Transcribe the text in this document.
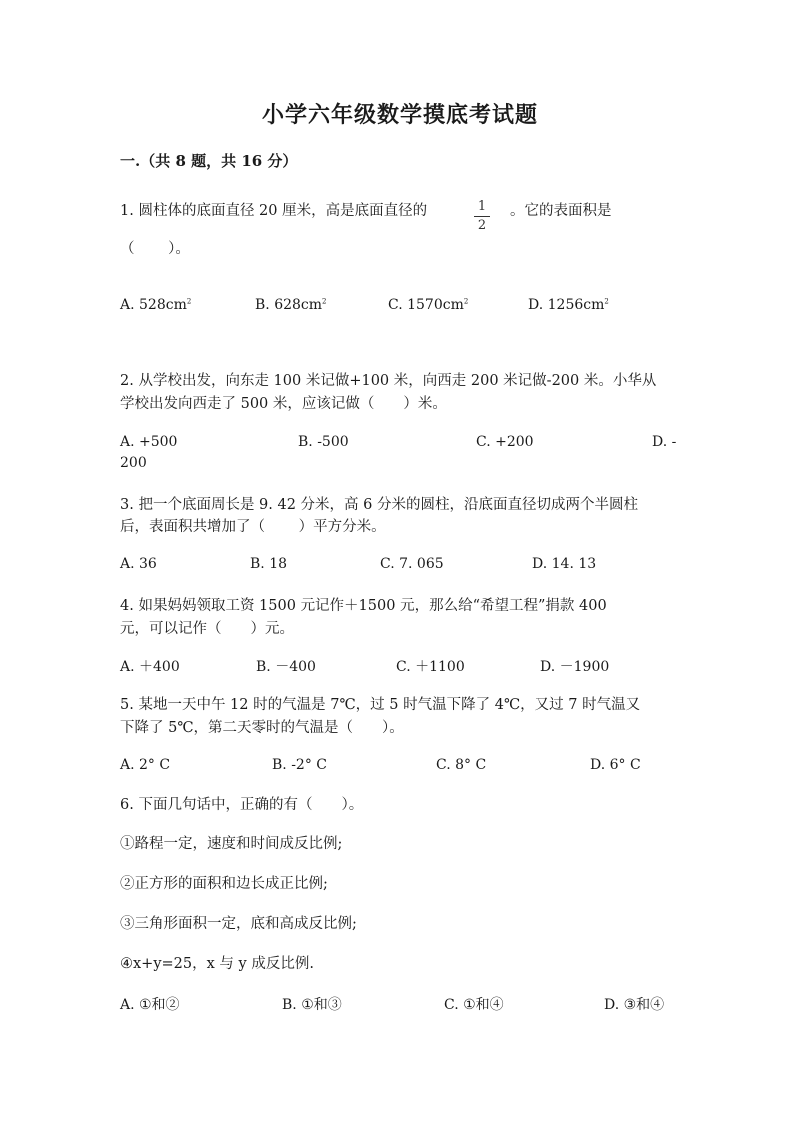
小学六年级数学摸底考试题
一.（共 8 题，共 16 分）
1. 圆柱体的底面直径 20 厘米，高是底面直径的	1
2
。它的表面积是
（　　 ）。
A. $528cm^2$	B. $628cm^2$	C. $1570cm^2$	D. $1256cm^2$
2. 从学校出发，向东走 100 米记做+100 米，向西走 200 米记做-200 米。小华从
学校出发向西走了 500 米，应该记做（　　）米。
A. +500	B. -500	C. +200	D. -
200
3. 把一个底面周长是 9. 42 分米，高 6 分米的圆柱，沿底面直径切成两个半圆柱
后，表面积共增加了（　　 ）平方分米。
A. 36	B. 18	C. 7. 065	D. 14. 13
4. 如果妈妈领取工资 1500 元记作＋1500 元，那么给“希望工程”捐款 400
元，可以记作（　　）元。
A. ＋400	B. －400	C. ＋1100	D. －1900
5. 某地一天中午 12 时的气温是 7℃，过 5 时气温下降了 4℃，又过 7 时气温又
下降了 5℃，第二天零时的气温是（　　）。
A. 2° C	B. -2° C	C. 8° C	D. 6° C
6. 下面几句话中，正确的有（　　）。
①路程一定，速度和时间成反比例;
②正方形的面积和边长成正比例;
③三角形面积一定，底和高成反比例;
④x+y=25，x 与 y 成反比例.
A. ①和②	B. ①和③	C. ①和④	D. ③和④
